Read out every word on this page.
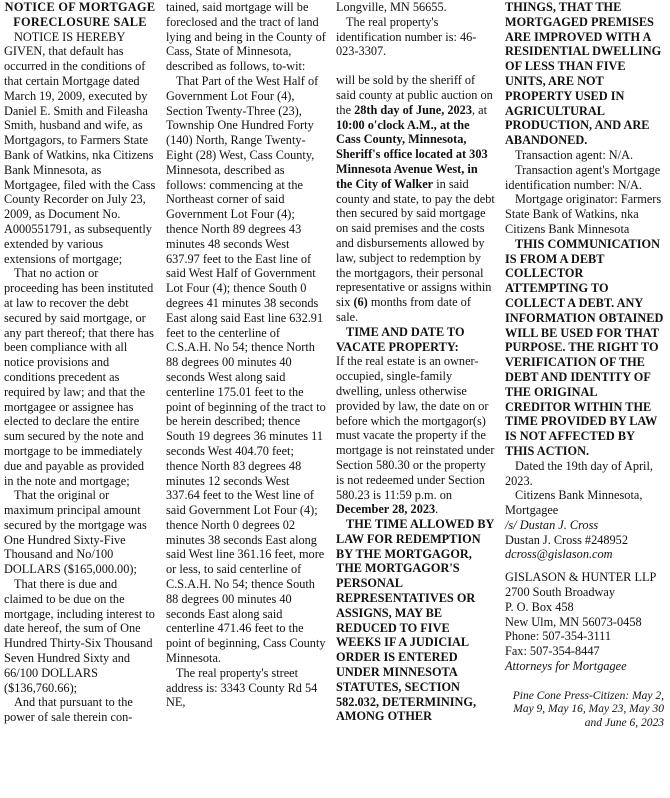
NOTICE OF MORTGAGE FORECLOSURE SALE

NOTICE IS HEREBY GIVEN, that default has occurred in the conditions of that certain Mortgage dated March 19, 2009, executed by Daniel E. Smith and Fileasha Smith, husband and wife, as Mortgagors, to Farmers State Bank of Watkins, nka Citizens Bank Minnesota, as Mortgagee, filed with the Cass County Recorder on July 23, 2009, as Document No. A000551791, as subsequently extended by various extensions of mortgage;

That no action or proceeding has been instituted at law to recover the debt secured by said mortgage, or any part thereof; that there has been compliance with all notice provisions and conditions precedent as required by law; and that the mortgagee or assignee has elected to declare the entire sum secured by the note and mortgage to be immediately due and payable as provided in the note and mortgage;

That the original or maximum principal amount secured by the mortgage was One Hundred Sixty-Five Thousand and No/100 DOLLARS ($165,000.00);

That there is due and claimed to be due on the mortgage, including interest to date hereof, the sum of One Hundred Thirty-Six Thousand Seven Hundred Sixty and 66/100 DOLLARS ($136,760.66);

And that pursuant to the power of sale therein con-

tained, said mortgage will be foreclosed and the tract of land lying and being in the County of Cass, State of Minnesota, described as follows, to-wit:

That Part of the West Half of Government Lot Four (4), Section Twenty-Three (23), Township One Hundred Forty (140) North, Range Twenty-Eight (28) West, Cass County, Minnesota, described as follows: commencing at the Northeast corner of said Government Lot Four (4); thence North 89 degrees 43 minutes 48 seconds West 637.97 feet to the East line of said West Half of Government Lot Four (4); thence South 0 degrees 41 minutes 38 seconds East along said East line 632.91 feet to the centerline of C.S.A.H. No 54; thence North 88 degrees 00 minutes 40 seconds West along said centerline 175.01 feet to the point of beginning of the tract to be herein described; thence South 19 degrees 36 minutes 11 seconds West 404.70 feet; thence North 83 degrees 48 minutes 12 seconds West 337.64 feet to the West line of said Government Lot Four (4); thence North 0 degrees 02 minutes 38 seconds East along said West line 361.16 feet, more or less, to said centerline of C.S.A.H. No 54; thence South 88 degrees 00 minutes 40 seconds East along said centerline 471.46 feet to the point of beginning, Cass County Minnesota.

The real property's street address is: 3343 County Rd 54 NE,

Longville, MN 56655.

The real property's identification number is: 46-023-3307.

will be sold by the sheriff of said county at public auction on the 28th day of June, 2023, at 10:00 o'clock A.M., at the Cass County, Minnesota, Sheriff's office located at 303 Minnesota Avenue West, in the City of Walker in said county and state, to pay the debt then secured by said mortgage on said premises and the costs and disbursements allowed by law, subject to redemption by the mortgagors, their personal representative or assigns within six (6) months from date of sale.

TIME AND DATE TO VACATE PROPERTY:

If the real estate is an owner-occupied, single-family dwelling, unless otherwise provided by law, the date on or before which the mortgagor(s) must vacate the property if the mortgage is not reinstated under Section 580.30 or the property is not redeemed under Section 580.23 is 11:59 p.m. on December 28, 2023.

THE TIME ALLOWED BY LAW FOR REDEMPTION BY THE MORTGAGOR, THE MORTGAGOR'S PERSONAL REPRESENTATIVES OR ASSIGNS, MAY BE REDUCED TO FIVE WEEKS IF A JUDICIAL ORDER IS ENTERED UNDER MINNESOTA STATUTES, SECTION 582.032, DETERMINING, AMONG OTHER

THINGS, THAT THE MORTGAGED PREMISES ARE IMPROVED WITH A RESIDENTIAL DWELLING OF LESS THAN FIVE UNITS, ARE NOT PROPERTY USED IN AGRICULTURAL PRODUCTION, AND ARE ABANDONED.

Transaction agent: N/A.

Transaction agent's Mortgage identification number: N/A.

Mortgage originator: Farmers State Bank of Watkins, nka Citizens Bank Minnesota

THIS COMMUNICATION IS FROM A DEBT COLLECTOR ATTEMPTING TO COLLECT A DEBT. ANY INFORMATION OBTAINED WILL BE USED FOR THAT PURPOSE. THE RIGHT TO VERIFICATION OF THE DEBT AND IDENTITY OF THE ORIGINAL CREDITOR WITHIN THE TIME PROVIDED BY LAW IS NOT AFFECTED BY THIS ACTION.

Dated the 19th day of April, 2023.

Citizens Bank Minnesota, Mortgagee

/s/ Dustan J. Cross

Dustan J. Cross #248952

dcross@gislason.com

GISLASON & HUNTER LLP

2700 South Broadway

P. O. Box 458

New Ulm, MN 56073-0458

Phone: 507-354-3111

Fax: 507-354-8447

Attorneys for Mortgagee

Pine Cone Press-Citizen: May 2, May 9, May 16, May 23, May 30 and June 6, 2023
